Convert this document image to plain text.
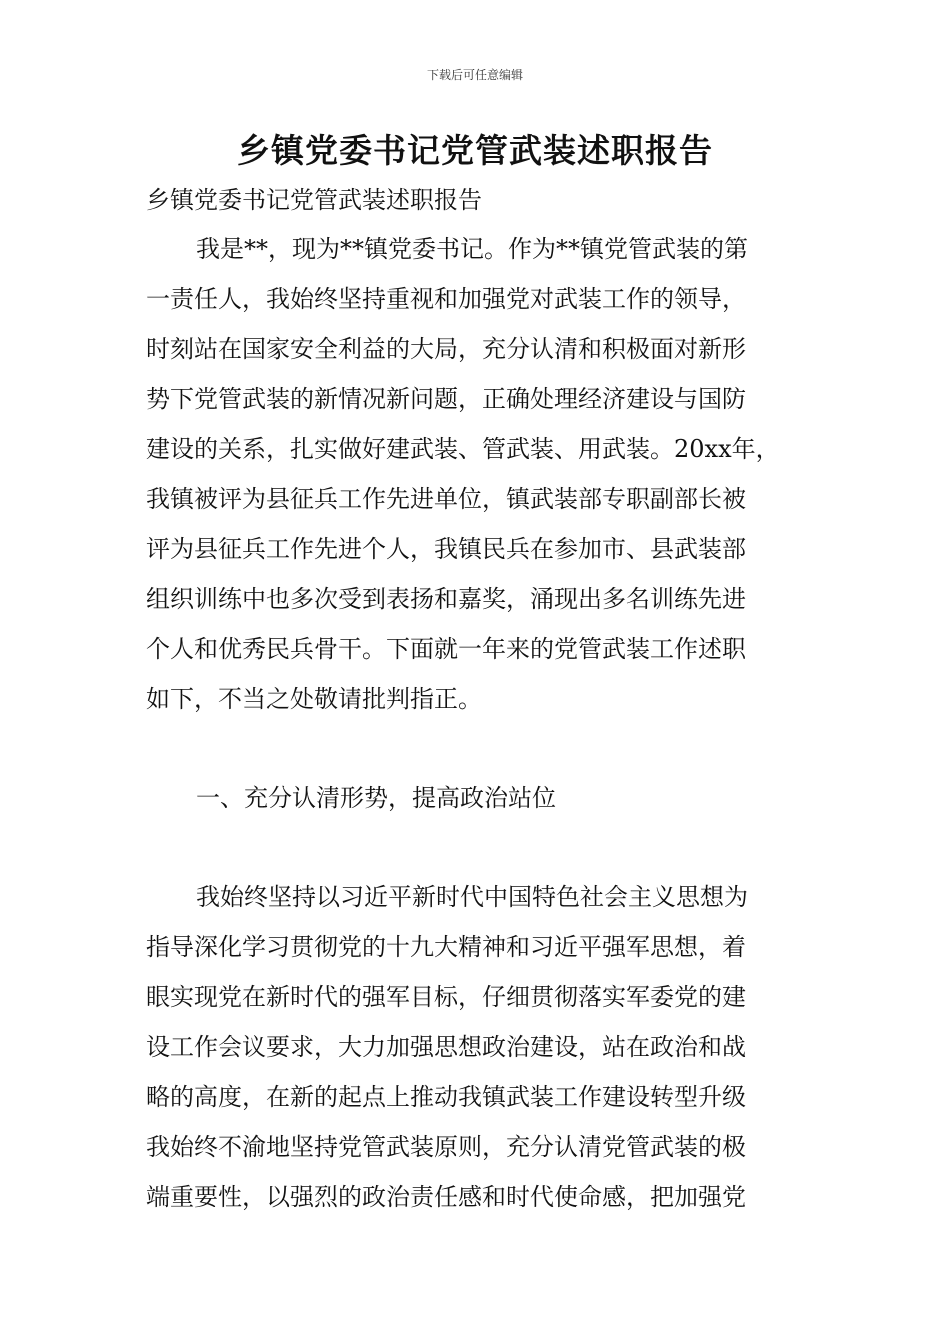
下载后可任意编辑
乡镇党委书记党管武装述职报告
乡镇党委书记党管武装述职报告
我是**，现为**镇党委书记。作为**镇党管武装的第
一责任人，我始终坚持重视和加强党对武装工作的领导，
时刻站在国家安全利益的大局，充分认清和积极面对新形
势下党管武装的新情况新问题，正确处理经济建设与国防
建设的关系，扎实做好建武装、管武装、用武装。20xx年，
我镇被评为县征兵工作先进单位，镇武装部专职副部长被
评为县征兵工作先进个人，我镇民兵在参加市、县武装部
组织训练中也多次受到表扬和嘉奖，涌现出多名训练先进
个人和优秀民兵骨干。下面就一年来的党管武装工作述职
如下，不当之处敬请批判指正。
一、充分认清形势，提高政治站位
我始终坚持以习近平新时代中国特色社会主义思想为
指导深化学习贯彻党的十九大精神和习近平强军思想，着
眼实现党在新时代的强军目标，仔细贯彻落实军委党的建
设工作会议要求，大力加强思想政治建设，站在政治和战
略的高度，在新的起点上推动我镇武装工作建设转型升级
我始终不渝地坚持党管武装原则，充分认清党管武装的极
端重要性，以强烈的政治责任感和时代使命感，把加强党
